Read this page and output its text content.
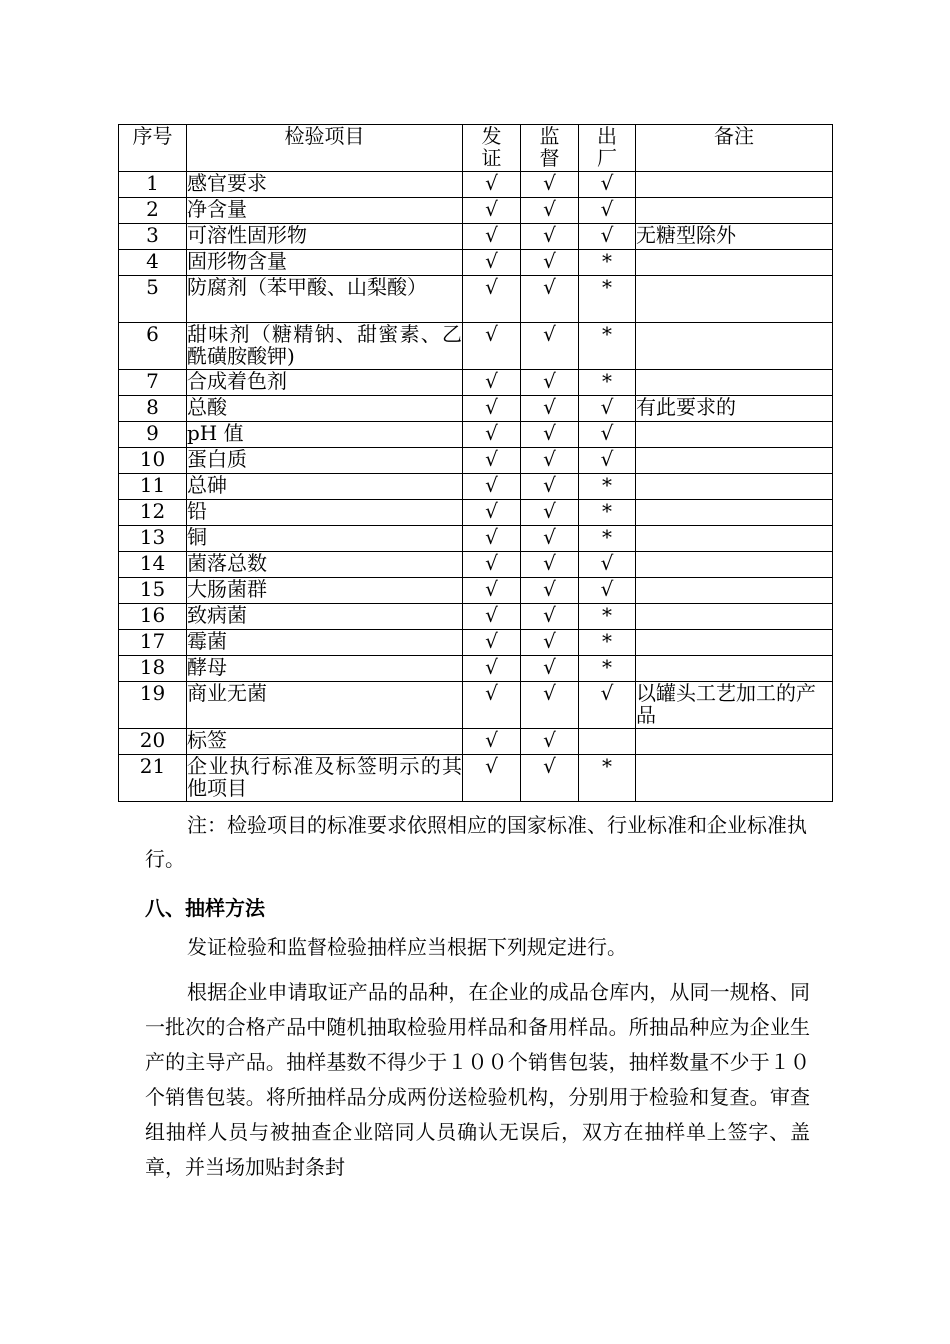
序号	检验项目	发证	监督	出厂	备注
1	感官要求	√	√	√	
2	净含量	√	√	√	
3	可溶性固形物	√	√	√	无糖型除外
4	固形物含量	√	√	*	
5	防腐剂（苯甲酸、山梨酸）	√	√	*	
6	甜味剂（糖精钠、甜蜜素、乙酰磺胺酸钾)	√	√	*	
7	合成着色剂	√	√	*	
8	总酸	√	√	√	有此要求的
9	pH 值	√	√	√	
10	蛋白质	√	√	√	
11	总砷	√	√	*	
12	铅	√	√	*	
13	铜	√	√	*	
14	菌落总数	√	√	√	
15	大肠菌群	√	√	√	
16	致病菌	√	√	*	
17	霉菌	√	√	*	
18	酵母	√	√	*	
19	商业无菌	√	√	√	以罐头工艺加工的产品
20	标签	√	√		
21	企业执行标准及标签明示的其他项目	√	√	*	

注：检验项目的标准要求依照相应的国家标准、行业标准和企业标准执行。

八、抽样方法

发证检验和监督检验抽样应当根据下列规定进行。

根据企业申请取证产品的品种，在企业的成品仓库内，从同一规格、同一批次的合格产品中随机抽取检验用样品和备用样品。所抽品种应为企业生产的主导产品。抽样基数不得少于１００个销售包装，抽样数量不少于１０个销售包装。将所抽样品分成两份送检验机构，分别用于检验和复查。审查组抽样人员与被抽查企业陪同人员确认无误后，双方在抽样单上签字、盖章，并当场加贴封条封
